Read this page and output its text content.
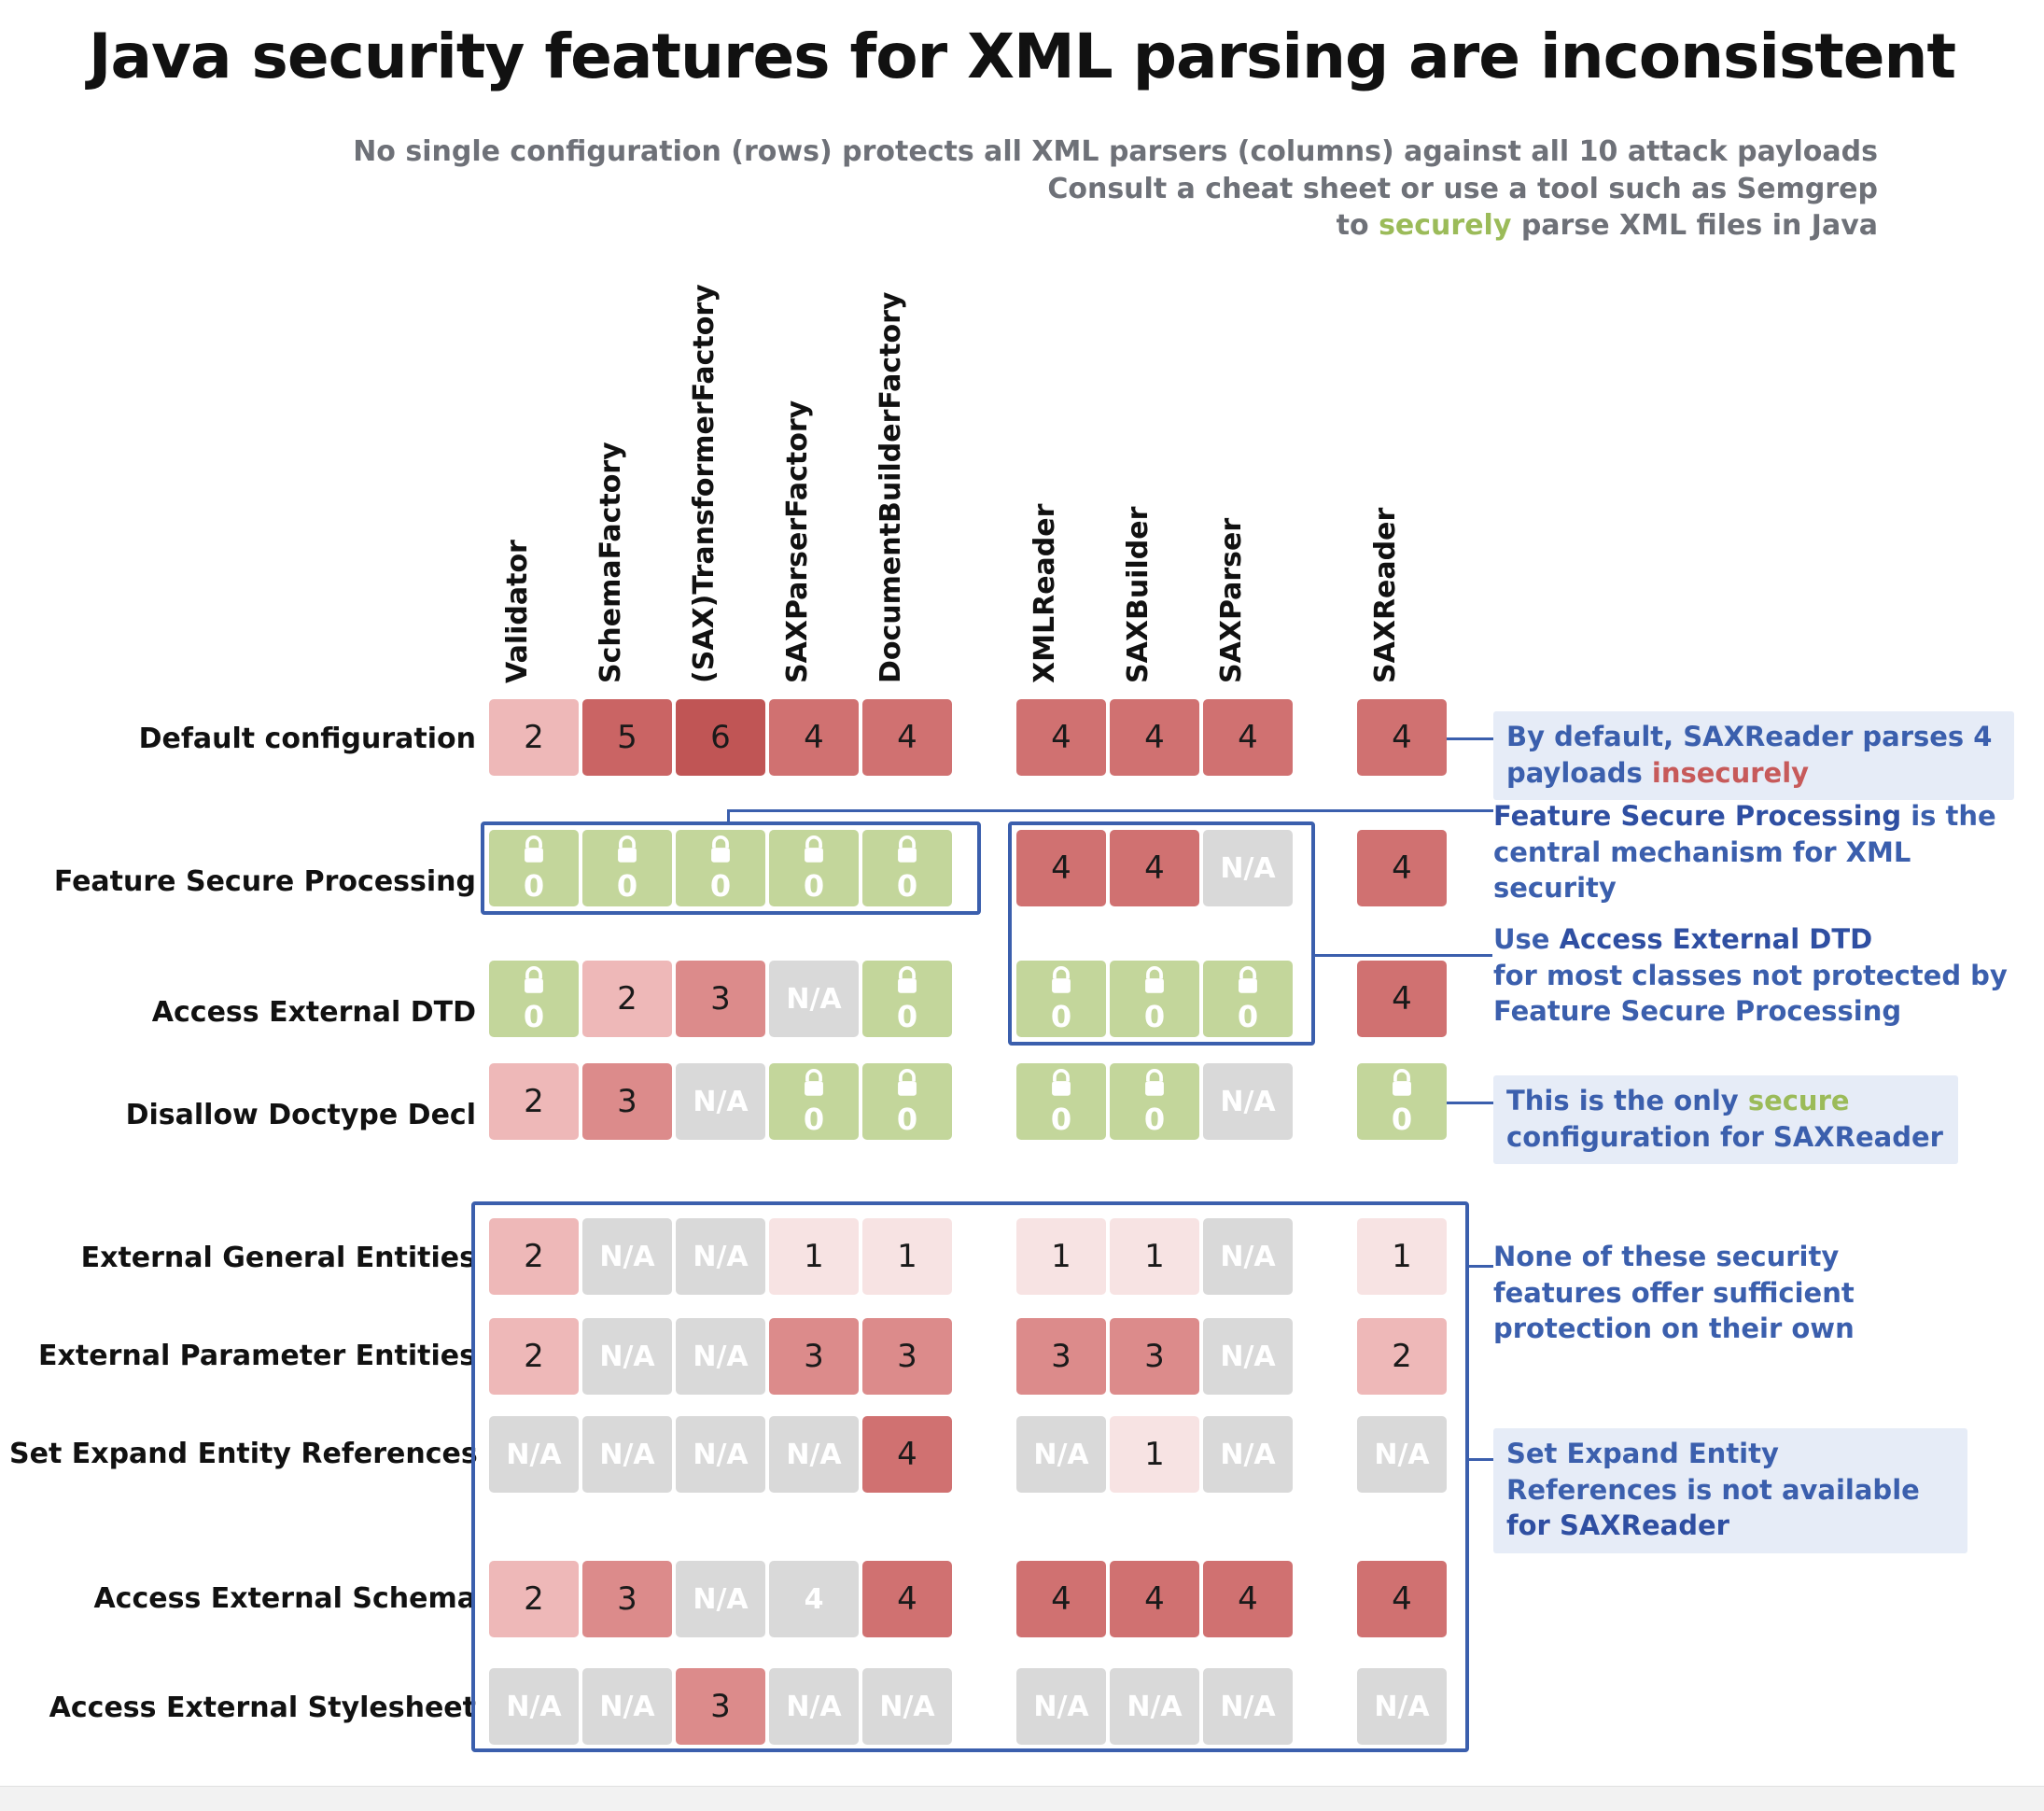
Java security features for XML parsing are inconsistent
No single configuration (rows) protects all XML parsers (columns) against all 10 attack payloads
Consult a cheat sheet or use a tool such as Semgrep
to securely parse XML files in Java
Validator SchemaFactory (SAX)TransformerFactory SAXParserFactory DocumentBuilderFactory	XMLReader SAXBuilder SAXParser	SAXReader
Default configuration
Feature Secure Processing
Access External DTD
Disallow Doctype Decl
External General Entities
External Parameter Entities
Set Expand Entity References
Access External Schema
Access External Stylesheet
2	5	6	4	4	4	4	4	4
0 0 0 0 0	4	4	N/A	4
0	2	3	N/A	0	0 0 0	4
2	3	N/A	0 0	0 0	N/A	0
2	N/A	N/A	1	1	1	1	N/A	1
2	N/A	N/A	3	3	3	3	N/A	2
N/A	N/A	N/A	N/A	4	N/A	1	N/A	N/A
2	3	N/A	4	4	4	4	4	4
N/A	N/A	3	N/A	N/A	N/A	N/A	N/A	N/A
By default, SAXReader parses 4 payloads insecurely
Feature Secure Processing is the central mechanism for XML security
Use Access External DTD
for most classes not protected by Feature Secure Processing
This is the only secure configuration for SAXReader
None of these security features offer sufficient protection on their own
Set Expand Entity References is not available for SAXReader
